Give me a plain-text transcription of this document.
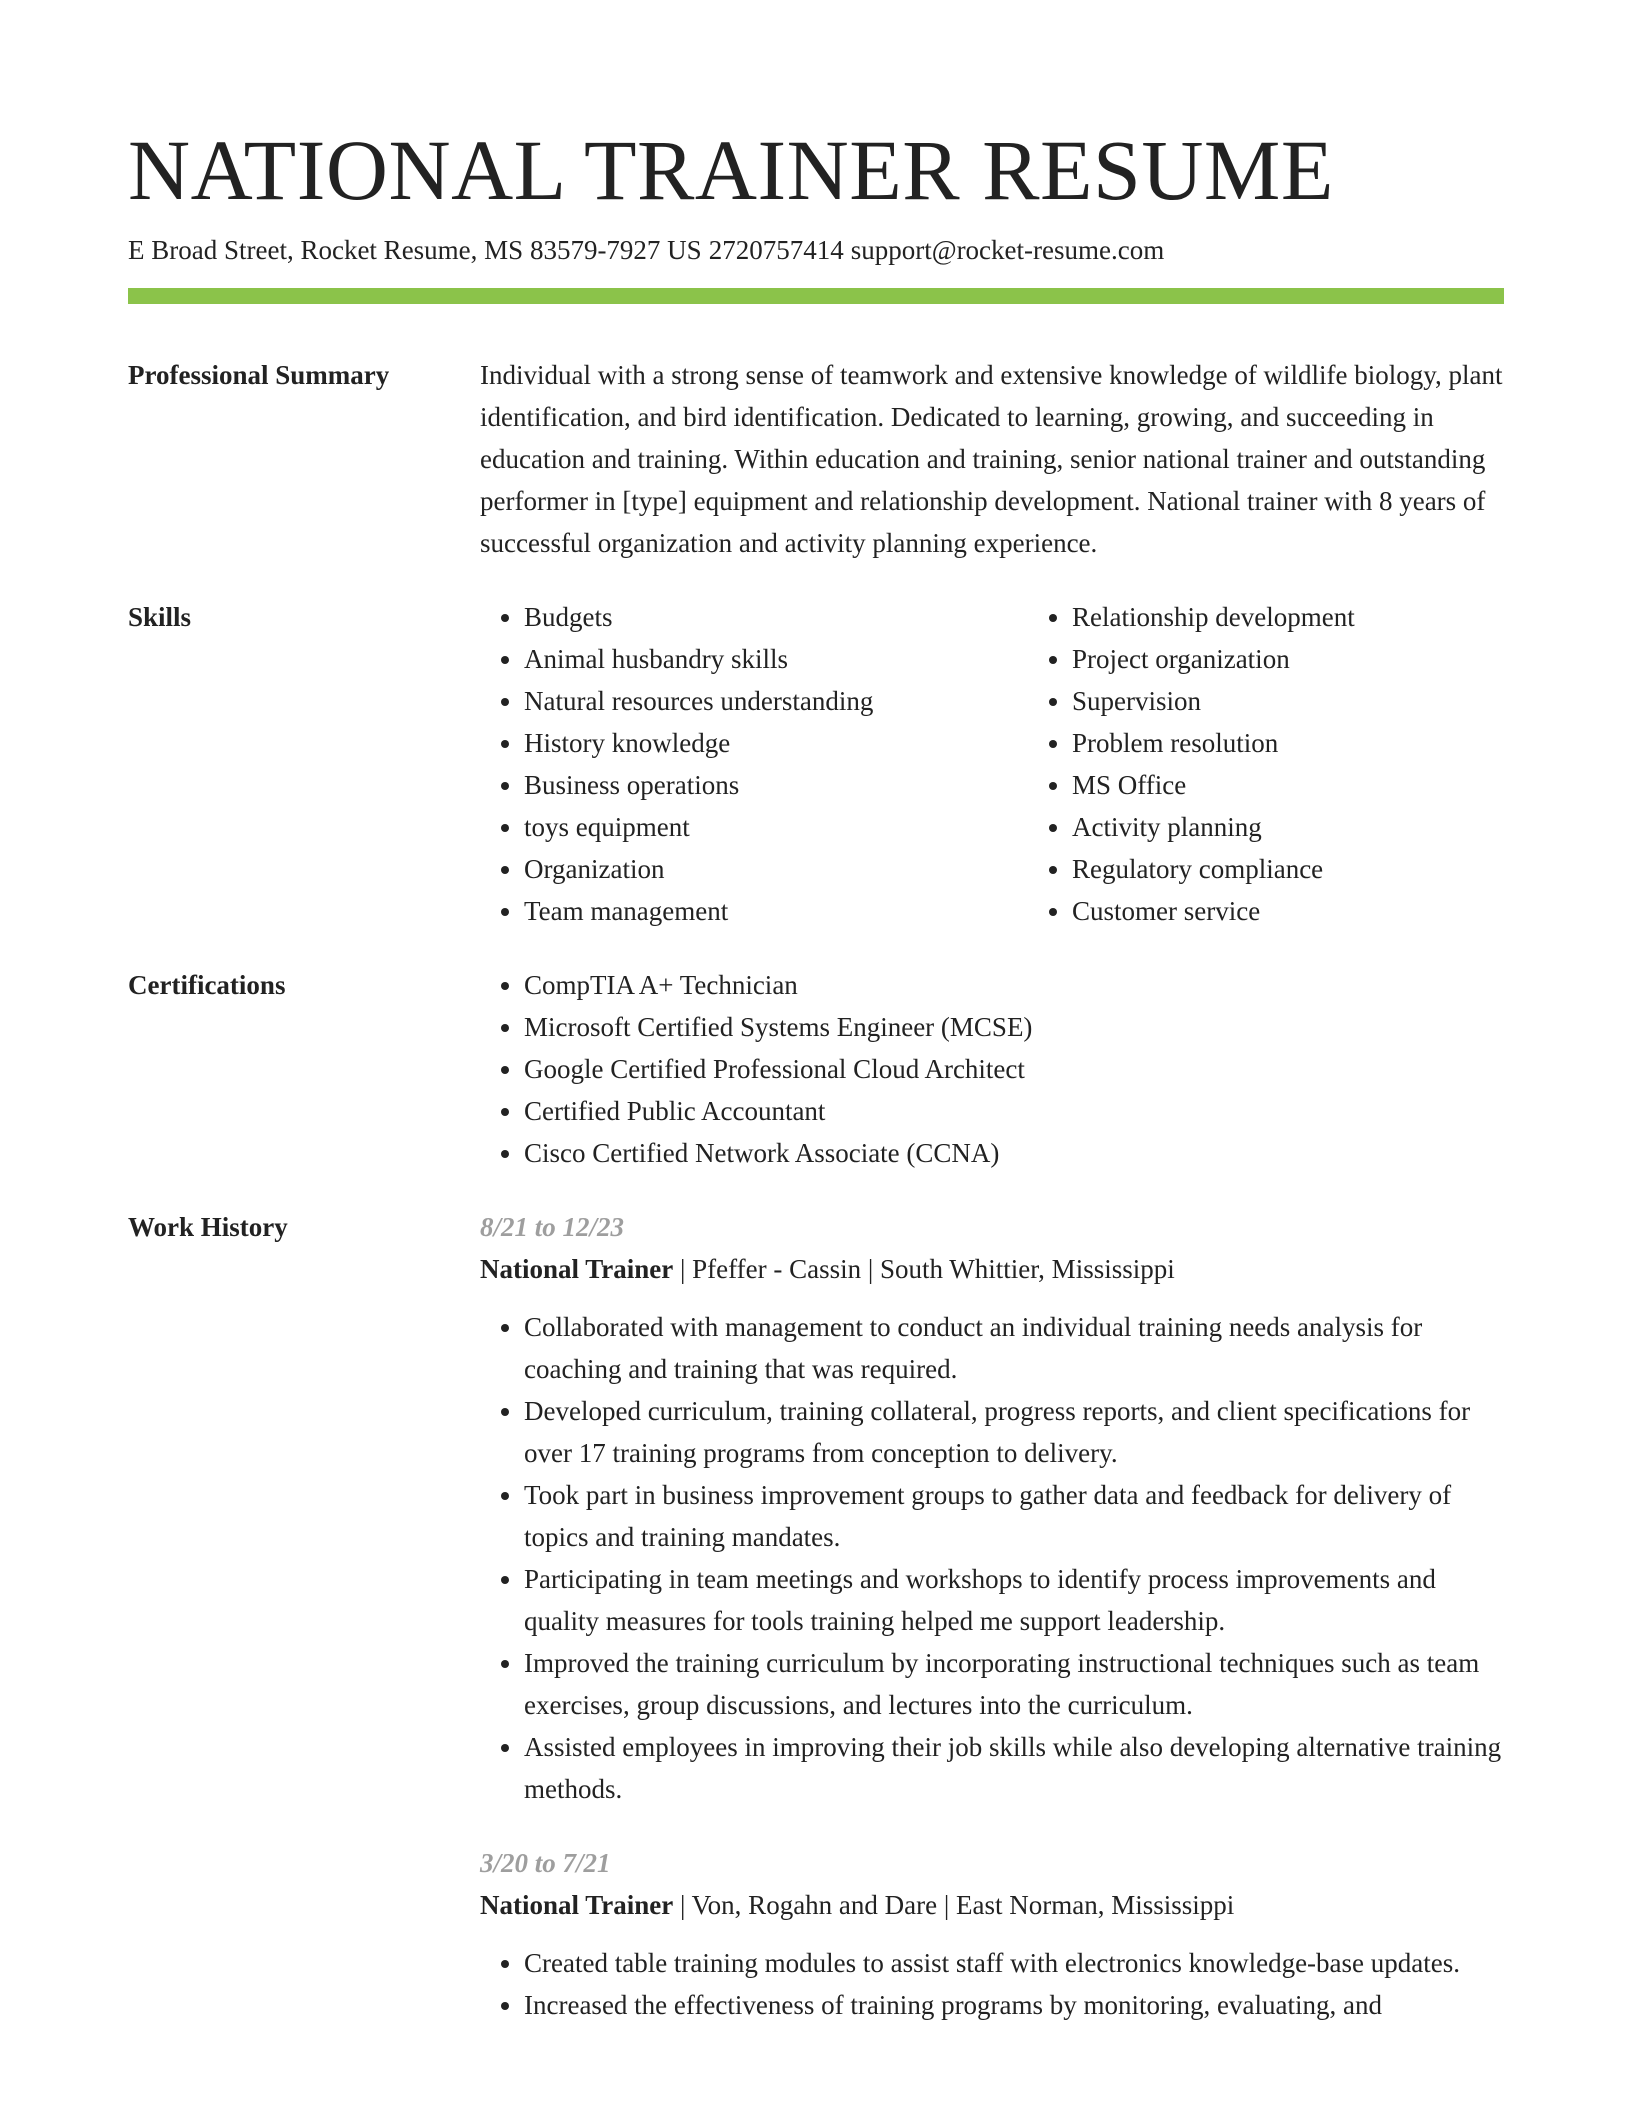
NATIONAL TRAINER RESUME
E Broad Street, Rocket Resume, MS 83579-7927 US 2720757414 support@rocket-resume.com
Professional Summary	Individual with a strong sense of teamwork and extensive knowledge of wildlife biology, plant identification, and bird identification. Dedicated to learning, growing, and succeeding in education and training. Within education and training, senior national trainer and outstanding performer in [type] equipment and relationship development. National trainer with 8 years of successful organization and activity planning experience.
Skills	• Budgets
• Animal husbandry skills
• Natural resources understanding
• History knowledge
• Business operations
• toys equipment
• Organization
• Team management
• Relationship development
• Project organization
• Supervision
• Problem resolution
• MS Office
• Activity planning
• Regulatory compliance
• Customer service
Certifications	• CompTIA A+ Technician
• Microsoft Certified Systems Engineer (MCSE)
• Google Certified Professional Cloud Architect
• Certified Public Accountant
• Cisco Certified Network Associate (CCNA)
Work History	8/21 to 12/23
National Trainer | Pfeffer - Cassin | South Whittier, Mississippi
• Collaborated with management to conduct an individual training needs analysis for coaching and training that was required.
• Developed curriculum, training collateral, progress reports, and client specifications for over 17 training programs from conception to delivery.
• Took part in business improvement groups to gather data and feedback for delivery of topics and training mandates.
• Participating in team meetings and workshops to identify process improvements and quality measures for tools training helped me support leadership.
• Improved the training curriculum by incorporating instructional techniques such as team exercises, group discussions, and lectures into the curriculum.
• Assisted employees in improving their job skills while also developing alternative training methods.
3/20 to 7/21
National Trainer | Von, Rogahn and Dare | East Norman, Mississippi
• Created table training modules to assist staff with electronics knowledge-base updates.
• Increased the effectiveness of training programs by monitoring, evaluating, and
